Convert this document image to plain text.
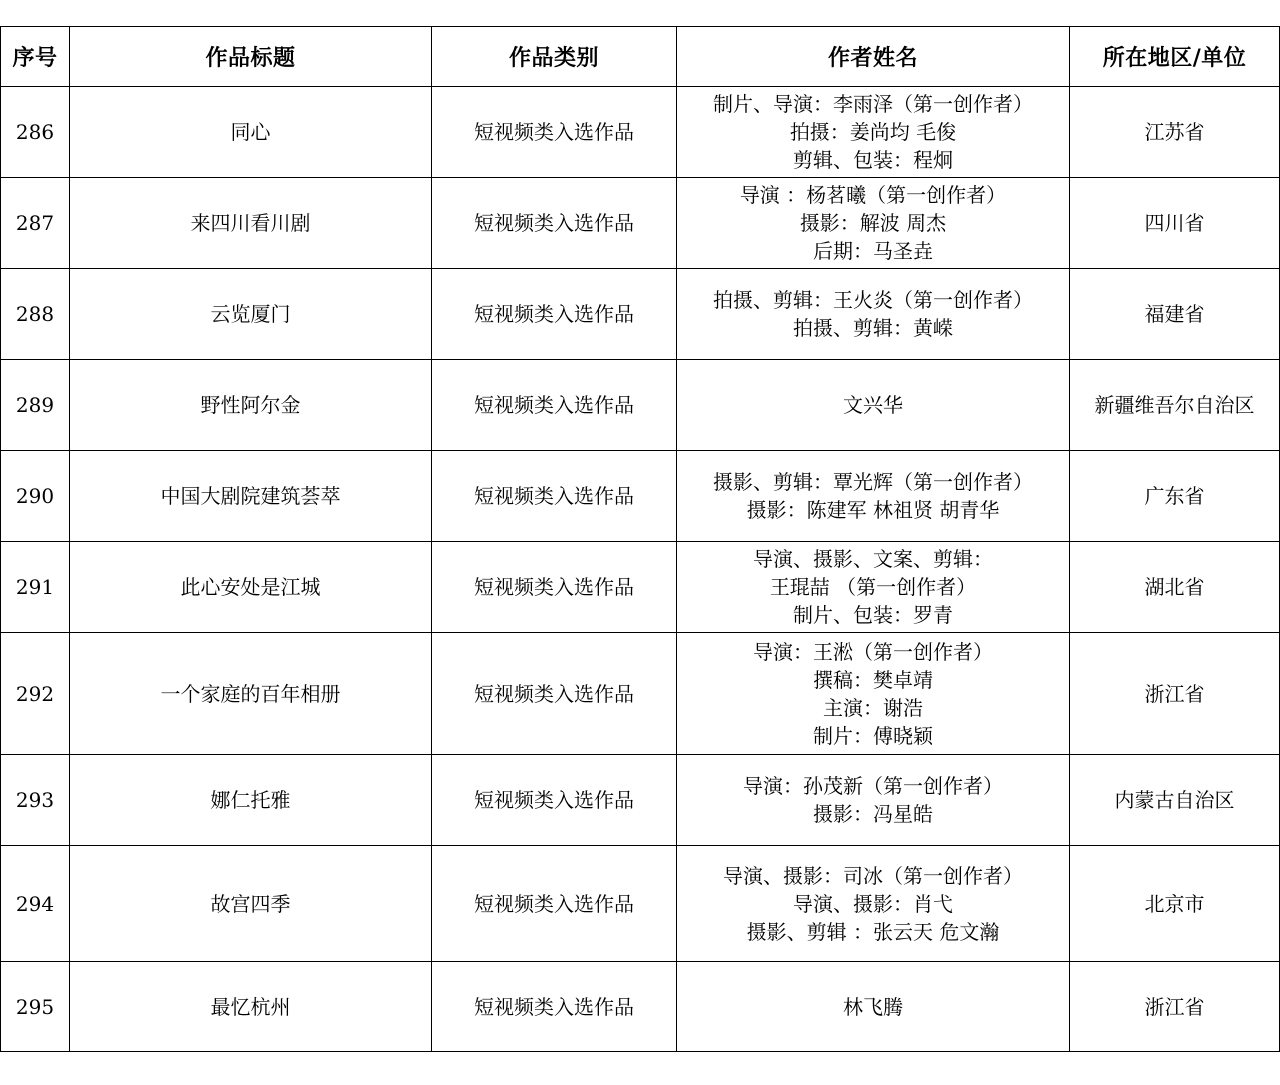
序号	作品标题	作品类别	作者姓名	所在地区/单位
286	同心	短视频类入选作品	制片、导演：李雨泽（第一创作者）
拍摄：姜尚均 毛俊
剪辑、包装：程炯	江苏省
287	来四川看川剧	短视频类入选作品	导演 ：杨茗曦（第一创作者）
摄影：解波 周杰
后期：马圣垚	四川省
288	云览厦门	短视频类入选作品	拍摄、剪辑：王火炎（第一创作者）
拍摄、剪辑：黄嵘	福建省
289	野性阿尔金	短视频类入选作品	文兴华	新疆维吾尔自治区
290	中国大剧院建筑荟萃	短视频类入选作品	摄影、剪辑：覃光辉（第一创作者）
摄影：陈建军 林祖贤 胡青华	广东省
291	此心安处是江城	短视频类入选作品	导演、摄影、文案、剪辑：
王琨喆 （第一创作者）
制片、包装：罗青	湖北省
292	一个家庭的百年相册	短视频类入选作品	导演：王淞（第一创作者）
撰稿：樊卓靖
主演：谢浩
制片：傅晓颖	浙江省
293	娜仁托雅	短视频类入选作品	导演：孙茂新（第一创作者）
摄影：冯星皓	内蒙古自治区
294	故宫四季	短视频类入选作品	导演、摄影：司冰（第一创作者）
导演、摄影：肖弋
摄影、剪辑 ：张云天 危文瀚	北京市
295	最忆杭州	短视频类入选作品	林飞腾	浙江省
